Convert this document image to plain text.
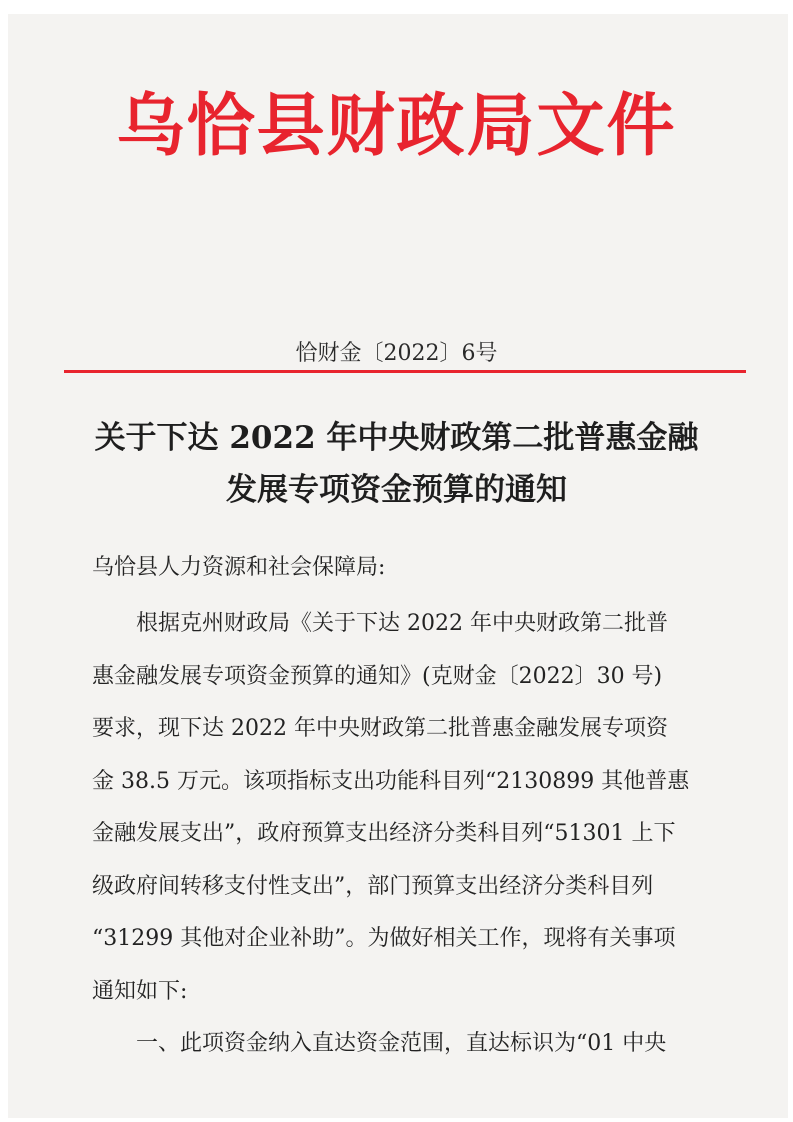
乌恰县财政局文件
恰财金〔2022〕6号
关于下达 2022 年中央财政第二批普惠金融
发展专项资金预算的通知
乌恰县人力资源和社会保障局:
根据克州财政局《关于下达 2022 年中央财政第二批普
惠金融发展专项资金预算的通知》(克财金〔2022〕30 号)
要求，现下达 2022 年中央财政第二批普惠金融发展专项资
金 38.5 万元。该项指标支出功能科目列“2130899 其他普惠
金融发展支出”，政府预算支出经济分类科目列“51301 上下
级政府间转移支付性支出”，部门预算支出经济分类科目列
“31299 其他对企业补助”。为做好相关工作，现将有关事项
通知如下:
一、此项资金纳入直达资金范围，直达标识为“01 中央
